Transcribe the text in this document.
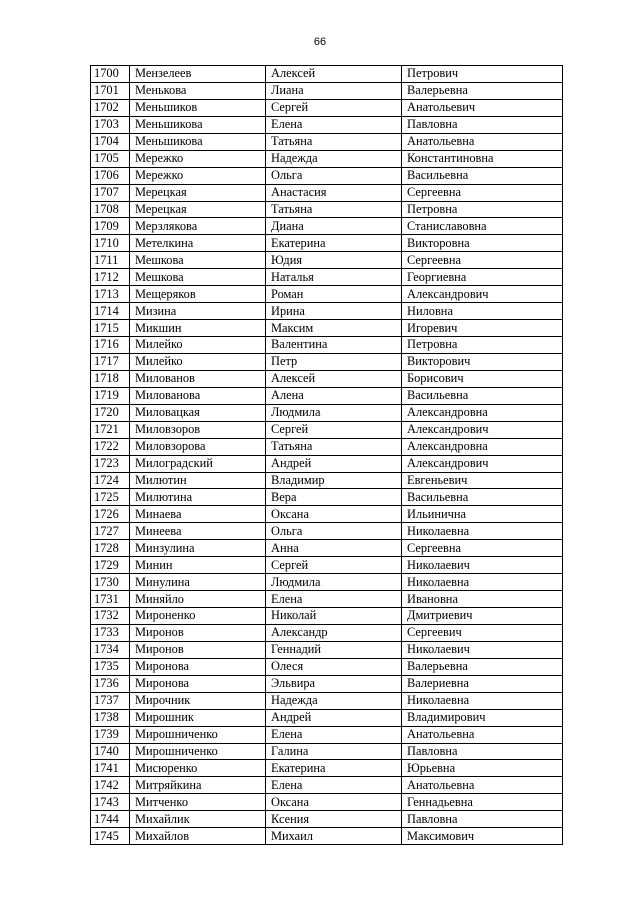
66
1700	Мензелеев	Алексей	Петрович
1701	Менькова	Лиана	Валерьевна
1702	Меньшиков	Сергей	Анатольевич
1703	Меньшикова	Елена	Павловна
1704	Меньшикова	Татьяна	Анатольевна
1705	Мережко	Надежда	Константиновна
1706	Мережко	Ольга	Васильевна
1707	Мерецкая	Анастасия	Сергеевна
1708	Мерецкая	Татьяна	Петровна
1709	Мерзлякова	Диана	Станиславовна
1710	Метелкина	Екатерина	Викторовна
1711	Мешкова	Юдия	Сергеевна
1712	Мешкова	Наталья	Георгиевна
1713	Мещеряков	Роман	Александрович
1714	Мизина	Ирина	Ниловна
1715	Микшин	Максим	Игоревич
1716	Милейко	Валентина	Петровна
1717	Милейко	Петр	Викторович
1718	Милованов	Алексей	Борисович
1719	Милованова	Алена	Васильевна
1720	Миловацкая	Людмила	Александровна
1721	Миловзоров	Сергей	Александрович
1722	Миловзорова	Татьяна	Александровна
1723	Милоградский	Андрей	Александрович
1724	Милютин	Владимир	Евгеньевич
1725	Милютина	Вера	Васильевна
1726	Минаева	Оксана	Ильинична
1727	Минеева	Ольга	Николаевна
1728	Минзулина	Анна	Сергеевна
1729	Минин	Сергей	Николаевич
1730	Минулина	Людмила	Николаевна
1731	Миняйло	Елена	Ивановна
1732	Мироненко	Николай	Дмитриевич
1733	Миронов	Александр	Сергеевич
1734	Миронов	Геннадий	Николаевич
1735	Миронова	Олеся	Валерьевна
1736	Миронова	Эльвира	Валериевна
1737	Мирочник	Надежда	Николаевна
1738	Мирошник	Андрей	Владимирович
1739	Мирошниченко	Елена	Анатольевна
1740	Мирошниченко	Галина	Павловна
1741	Мисюренко	Екатерина	Юрьевна
1742	Митряйкина	Елена	Анатольевна
1743	Митченко	Оксана	Геннадьевна
1744	Михайлик	Ксения	Павловна
1745	Михайлов	Михаил	Максимович
